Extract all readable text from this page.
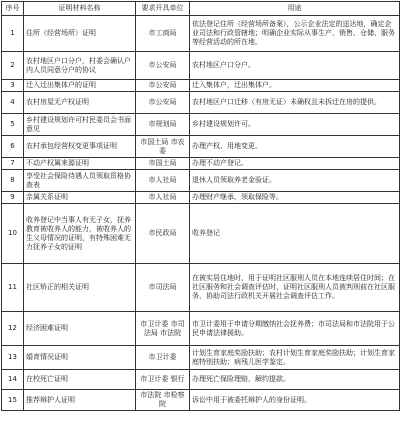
序号	证明材料名称	要求开具单位	用途
1	住所（经营场所）证明	市工商局	依法登记住所（经营场所备案），公示企业法定的送达地，确定企业司法和行政管辖地；明确企业实际从事生产、销售、仓储、服务等经营活动的所在地。
2	农村地区户口分户，村委会确认户内人员同意分户的协议	市公安局	农村地区户口分户。
3	迁入迁出集体户的证明	市公安局	迁入集体户，迁出集体户。
4	农村房屋无产权证明	市公安局	农村地区户口迁移（有房无证）未确权且未拆迁在房的提供。
5	乡村建设规划许可村民委员会书面意见	市规划局	乡村建设规划许可。
6	农村承包经营权变更事项证明	市国土局 市农委	办理产权、用地变更。
7	不动产权属来源证明	市国土局	办理不动产登记。
8	享受社会保险待遇人员领取资格协查表	市人社局	退休人员领取养老金验证。
9	亲属关系证明	市人社局	办理财产继承，领取保险等。
10	收养登记中当事人有无子女，抚养教育被收养人的能力，被收养人的生父母情况的证明，有特殊困难无力抚养子女的证明	市民政局	收养登记
11	社区矫正的相关证明	市司法局	在被实居住地时，用于证明社区服刑人员在本地连续居住时间；在社区服务和社会调查评估时，证明社区服刑人员被判刑前在社区服务、协助司法行政机关开展社会调查评估工作。
12	经济困难证明	市卫计委 市司法局 市法院	市卫计委用于申请分期缴纳社会抚养费；市司法局和市法院用于公民申请法律援助。
13	婚育情况证明	市卫计委	计划生育家庭奖励扶助；农村计划生育家庭奖励扶助；计划生育家庭特别扶助；病残儿医学鉴定。
14	在校死亡证明	市卫计委 银行	办理死亡保险理赔，解约提款。
15	推荐辩护人证明	市法院 市检察院	诉讼中用于被委托辩护人的身份证明。
